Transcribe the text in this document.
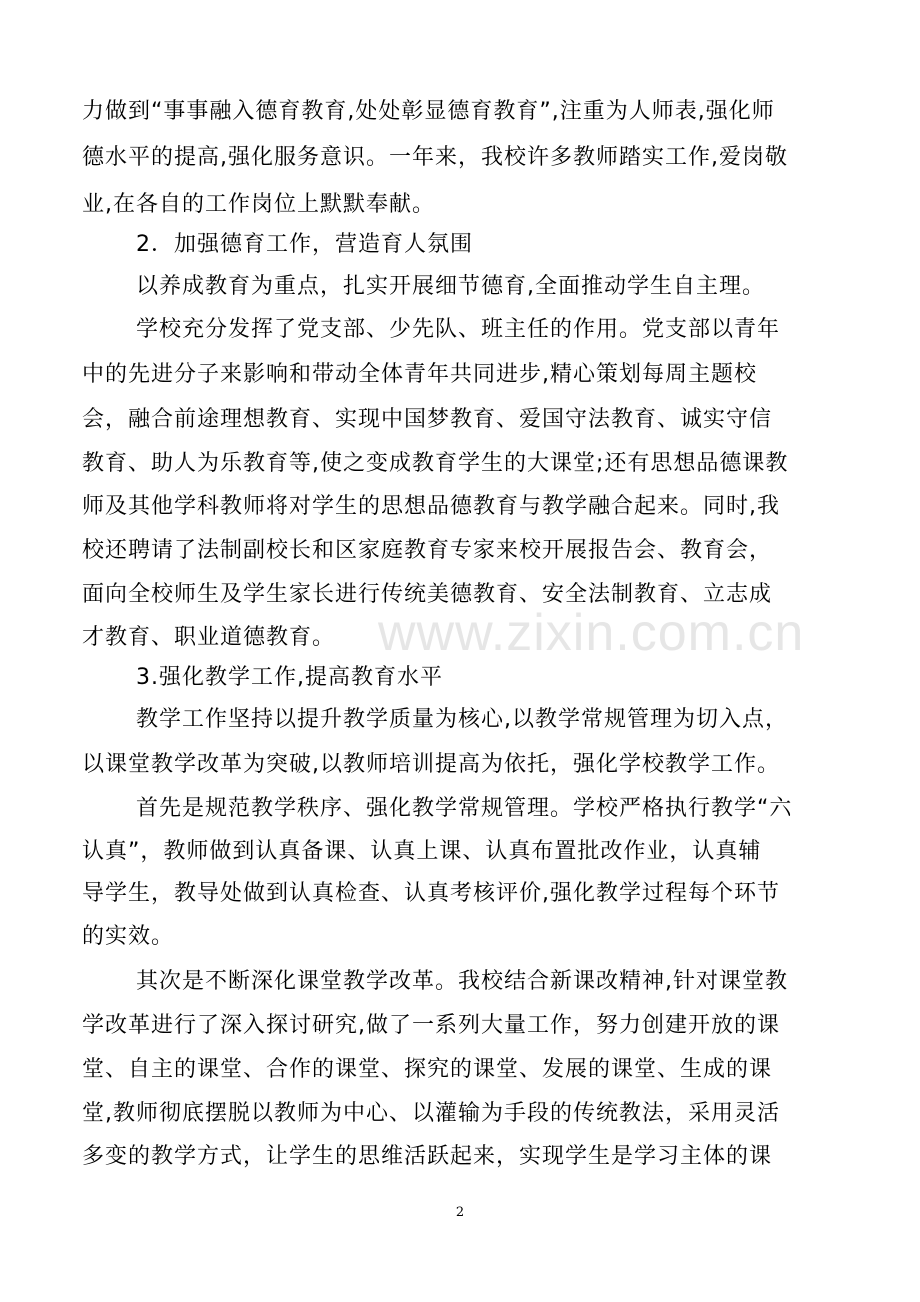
www.zixin.com.cn
力做到“事事融入德育教育,处处彰显德育教育”,注重为人师表,强化师
德水平的提高,强化服务意识。一年来，我校许多教师踏实工作,爱岗敬
业,在各自的工作岗位上默默奉献。
2．加强德育工作，营造育人氛围
以养成教育为重点，扎实开展细节德育,全面推动学生自主理。
学校充分发挥了党支部、少先队、班主任的作用。党支部以青年
中的先进分子来影响和带动全体青年共同进步,精心策划每周主题校
会，融合前途理想教育、实现中国梦教育、爱国守法教育、诚实守信
教育、助人为乐教育等,使之变成教育学生的大课堂;还有思想品德课教
师及其他学科教师将对学生的思想品德教育与教学融合起来。同时,我
校还聘请了法制副校长和区家庭教育专家来校开展报告会、教育会，
面向全校师生及学生家长进行传统美德教育、安全法制教育、立志成
才教育、职业道德教育。
3.强化教学工作,提高教育水平
教学工作坚持以提升教学质量为核心,以教学常规管理为切入点，
以课堂教学改革为突破,以教师培训提高为依托，强化学校教学工作。
首先是规范教学秩序、强化教学常规管理。学校严格执行教学“六
认真”，教师做到认真备课、认真上课、认真布置批改作业，认真辅
导学生，教导处做到认真检查、认真考核评价,强化教学过程每个环节
的实效。
其次是不断深化课堂教学改革。我校结合新课改精神,针对课堂教
学改革进行了深入探讨研究,做了一系列大量工作，努力创建开放的课
堂、自主的课堂、合作的课堂、探究的课堂、发展的课堂、生成的课
堂,教师彻底摆脱以教师为中心、以灌输为手段的传统教法，采用灵活
多变的教学方式，让学生的思维活跃起来，实现学生是学习主体的课
2
